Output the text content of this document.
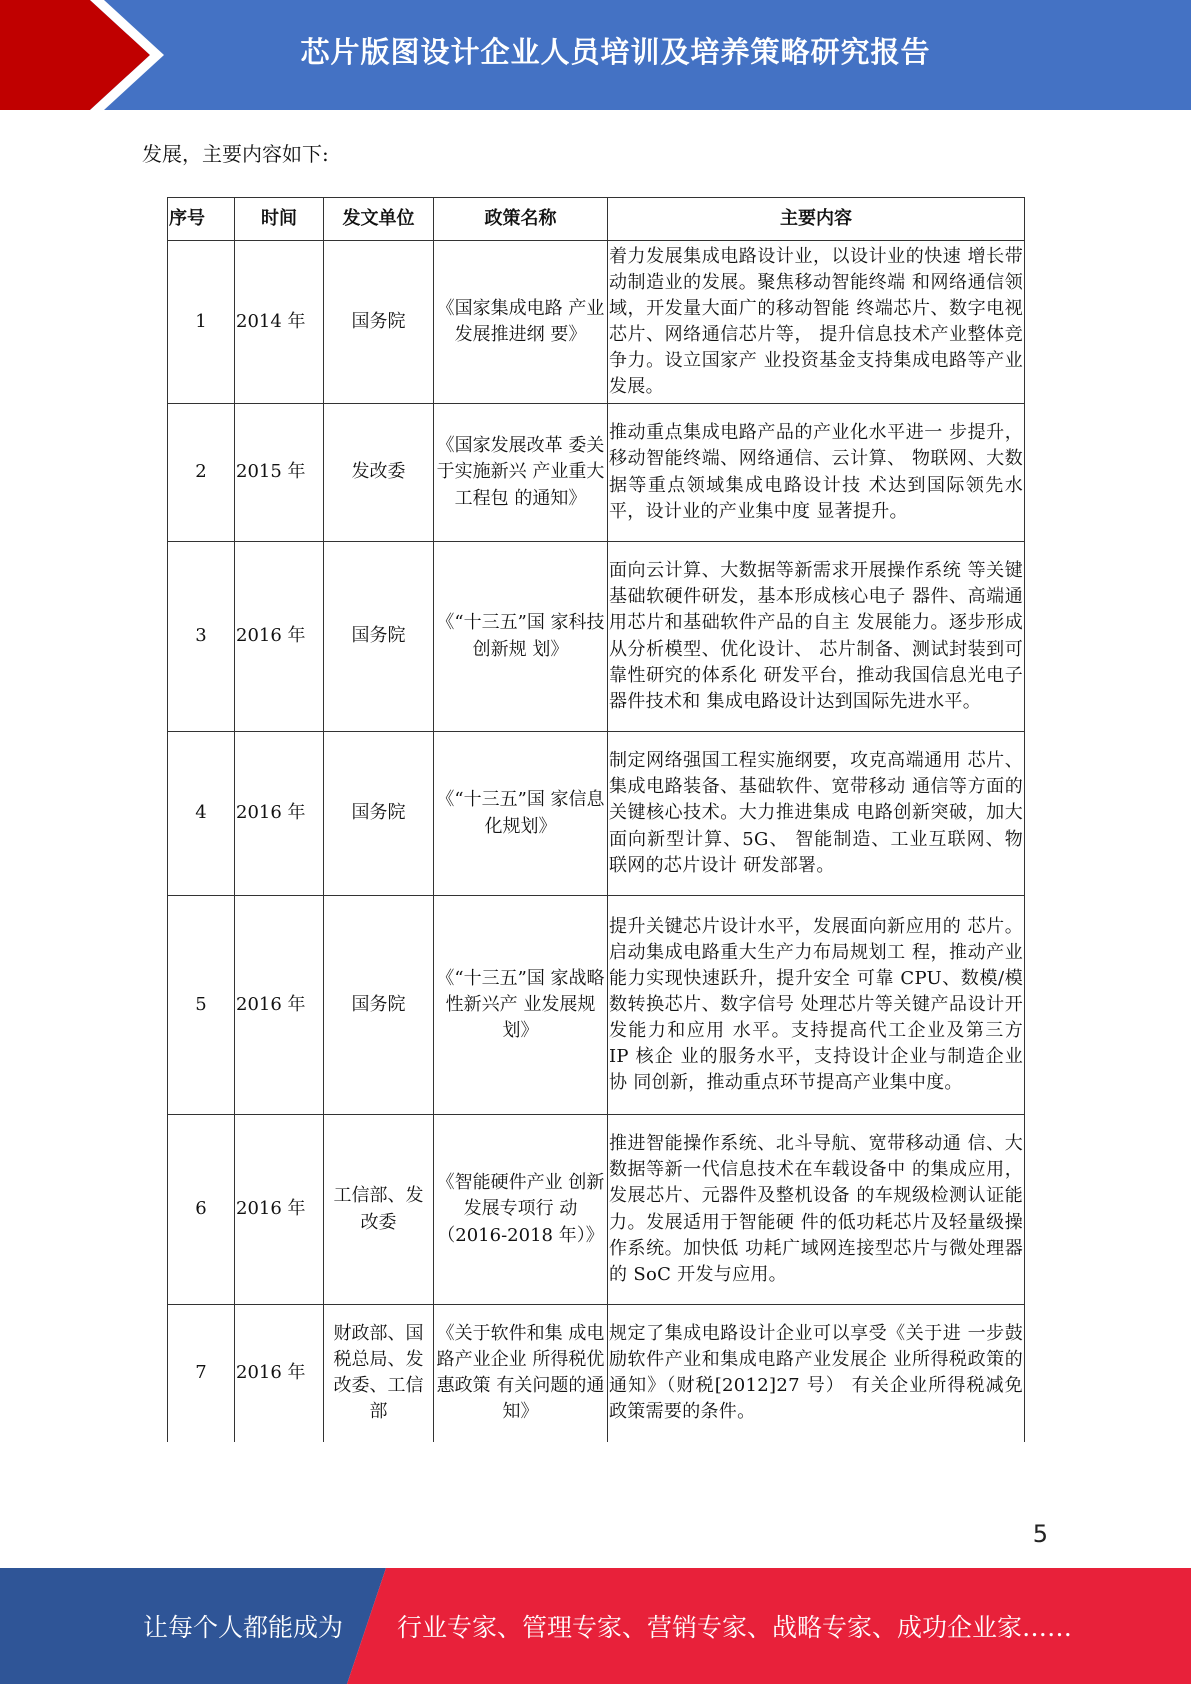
芯片版图设计企业人员培训及培养策略研究报告
发展，主要内容如下:
序号	时间	发文单位	政策名称	主要内容
1	2014 年	国务院	《国家集成电路 产业发展推进纲 要》	着力发展集成电路设计业，以设计业的快速 增长带动制造业的发展。聚焦移动智能终端 和网络通信领域，开发量大面广的移动智能 终端芯片、数字电视芯片、网络通信芯片等， 提升信息技术产业整体竞争力。设立国家产 业投资基金支持集成电路等产业发展。
2	2015 年	发改委	《国家发展改革 委关于实施新兴 产业重大工程包 的通知》	推动重点集成电路产品的产业化水平进一 步提升，移动智能终端、网络通信、云计算、 物联网、大数据等重点领域集成电路设计技 术达到国际领先水平，设计业的产业集中度 显著提升。
3	2016 年	国务院	《“十三五”国 家科技创新规 划》	面向云计算、大数据等新需求开展操作系统 等关键基础软硬件研发，基本形成核心电子 器件、高端通用芯片和基础软件产品的自主 发展能力。逐步形成从分析模型、优化设计、 芯片制备、测试封装到可靠性研究的体系化 研发平台，推动我国信息光电子器件技术和 集成电路设计达到国际先进水平。
4	2016 年	国务院	《“十三五”国 家信息化规划》	制定网络强国工程实施纲要，攻克高端通用 芯片、集成电路装备、基础软件、宽带移动 通信等方面的关键核心技术。大力推进集成 电路创新突破，加大面向新型计算、5G、 智能制造、工业互联网、物联网的芯片设计 研发部署。
5	2016 年	国务院	《“十三五”国 家战略性新兴产 业发展规划》	提升关键芯片设计水平，发展面向新应用的 芯片。启动集成电路重大生产力布局规划工 程，推动产业能力实现快速跃升，提升安全 可靠 CPU、数模/模数转换芯片、数字信号 处理芯片等关键产品设计开发能力和应用 水平。支持提高代工企业及第三方 IP 核企 业的服务水平，支持设计企业与制造企业协 同创新，推动重点环节提高产业集中度。
6	2016 年	工信部、发改委	《智能硬件产业 创新发展专项行 动（2016-2018 年）》	推进智能操作系统、北斗导航、宽带移动通 信、大数据等新一代信息技术在车载设备中 的集成应用，发展芯片、元器件及整机设备 的车规级检测认证能力。发展适用于智能硬 件的低功耗芯片及轻量级操作系统。加快低 功耗广域网连接型芯片与微处理器的 SoC 开发与应用。
7	2016 年	财政部、国税总局、发改委、工信部	《关于软件和集 成电路产业企业 所得税优惠政策 有关问题的通 知》	规定了集成电路设计企业可以享受《关于进 一步鼓励软件产业和集成电路产业发展企 业所得税政策的通知》（财税[2012]27 号） 有关企业所得税减免政策需要的条件。
5
让每个人都能成为 行业专家、管理专家、营销专家、战略专家、成功企业家……
